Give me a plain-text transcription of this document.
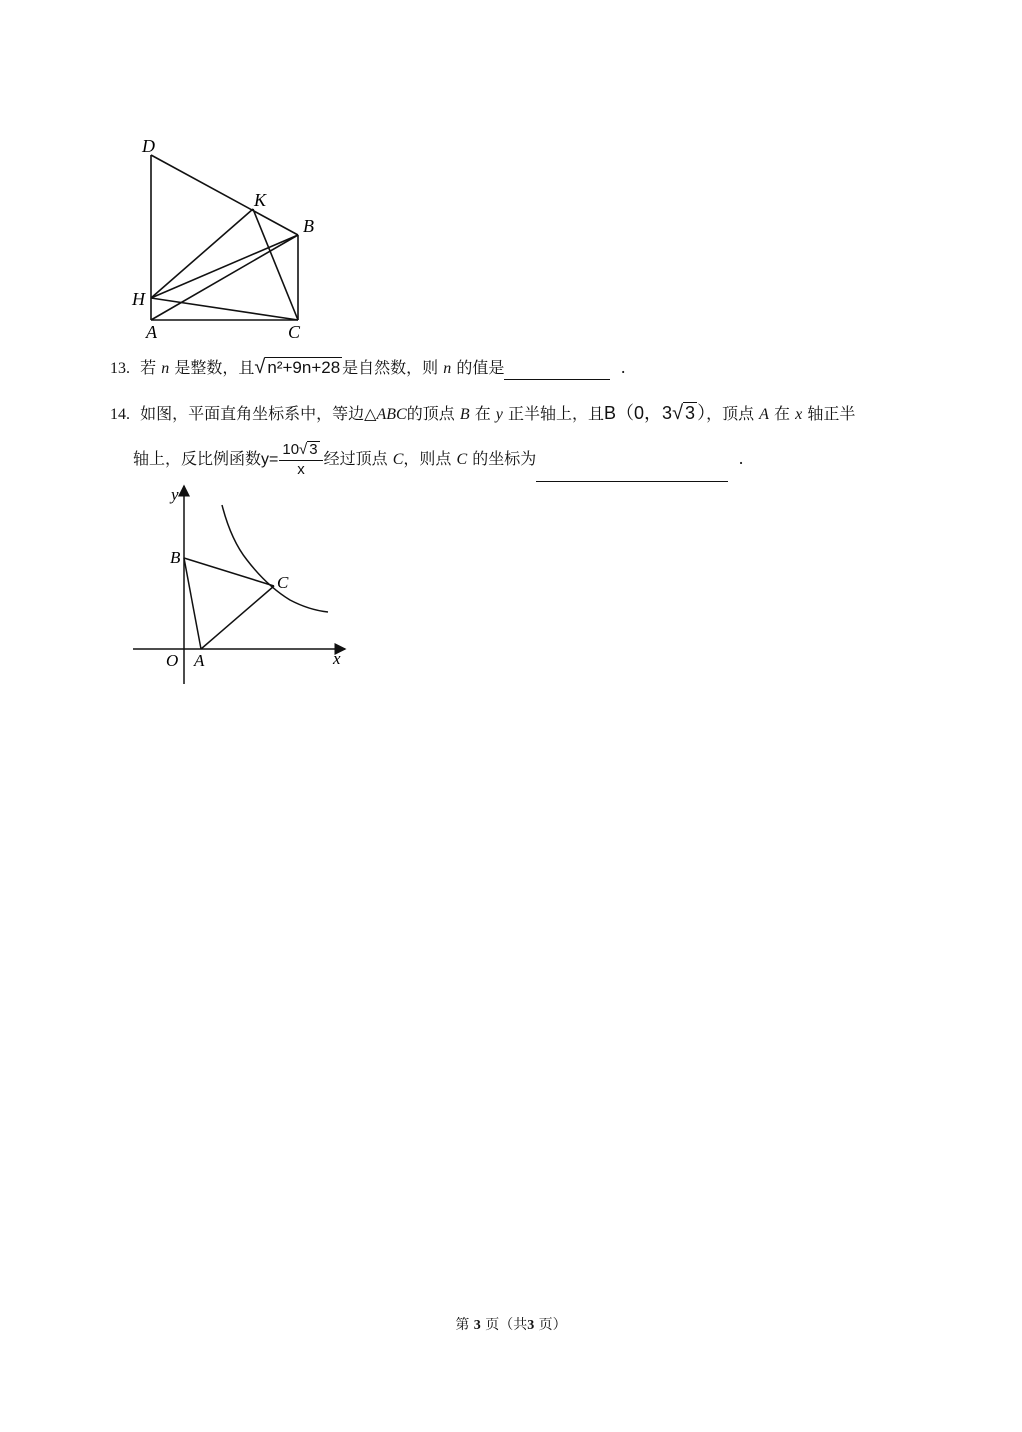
D
K
B
H
A	C
13. 若 n 是整数，且√ n²+9n+28 是自然数，则 n 的值是	.
14. 如图，平面直角坐标系中，等边△ABC的顶点 B 在 y 正半轴上，且B（0，3√ 3 ），顶点 A 在 x 轴正半
轴上，反比例函数$y= \frac{10√ 3}{x}$ 经过顶点 C，则点 C 的坐标为	.
y
B
C
O A	x
第 3 页（共3 页）
